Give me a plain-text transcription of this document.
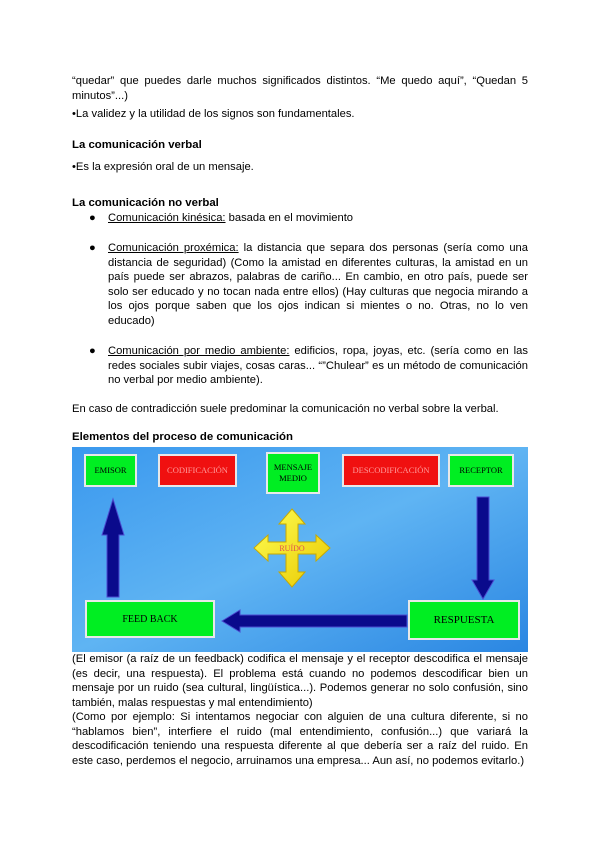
“quedar” que puedes darle muchos significados distintos. “Me quedo aquí”, “Quedan 5 minutos”...)

•La validez y la utilidad de los signos son fundamentales.

La comunicación verbal

•Es la expresión oral de un mensaje.

La comunicación no verbal

● Comunicación kinésica: basada en el movimiento
● Comunicación proxémica: la distancia que separa dos personas (sería como una distancia de seguridad) (Como la amistad en diferentes culturas, la amistad en un país puede ser abrazos, palabras de cariño... En cambio, en otro país, puede ser solo ser educado y no tocan nada entre ellos) (Hay culturas que negocia mirando a los ojos porque saben que los ojos indican si mientes o no. Otras, no lo ven educado)
● Comunicación por medio ambiente: edificios, ropa, joyas, etc. (sería como en las redes sociales subir viajes, cosas caras... “”Chulear” es un método de comunicación no verbal por medio ambiente).

En caso de contradicción suele predominar la comunicación no verbal sobre la verbal.

Elementos del proceso de comunicación

EMISOR	CODIFICACIÓN	MENSAJE MEDIO
DESCODIFICACIÓN	RECEPTOR
RUÍDO
FEED BACK	RESPUESTA

(El emisor (a raíz de un feedback) codifica el mensaje y el receptor descodifica el mensaje (es decir, una respuesta). El problema está cuando no podemos descodificar bien un mensaje por un ruido (sea cultural, lingüística...). Podemos generar no solo confusión, sino también, malas respuestas y mal entendimiento)

(Como por ejemplo: Si intentamos negociar con alguien de una cultura diferente, si no “hablamos bien”, interfiere el ruido (mal entendimiento, confusión...) que variará la descodificación teniendo una respuesta diferente al que debería ser a raíz del ruido. En este caso, perdemos el negocio, arruinamos una empresa... Aun así, no podemos evitarlo.)
